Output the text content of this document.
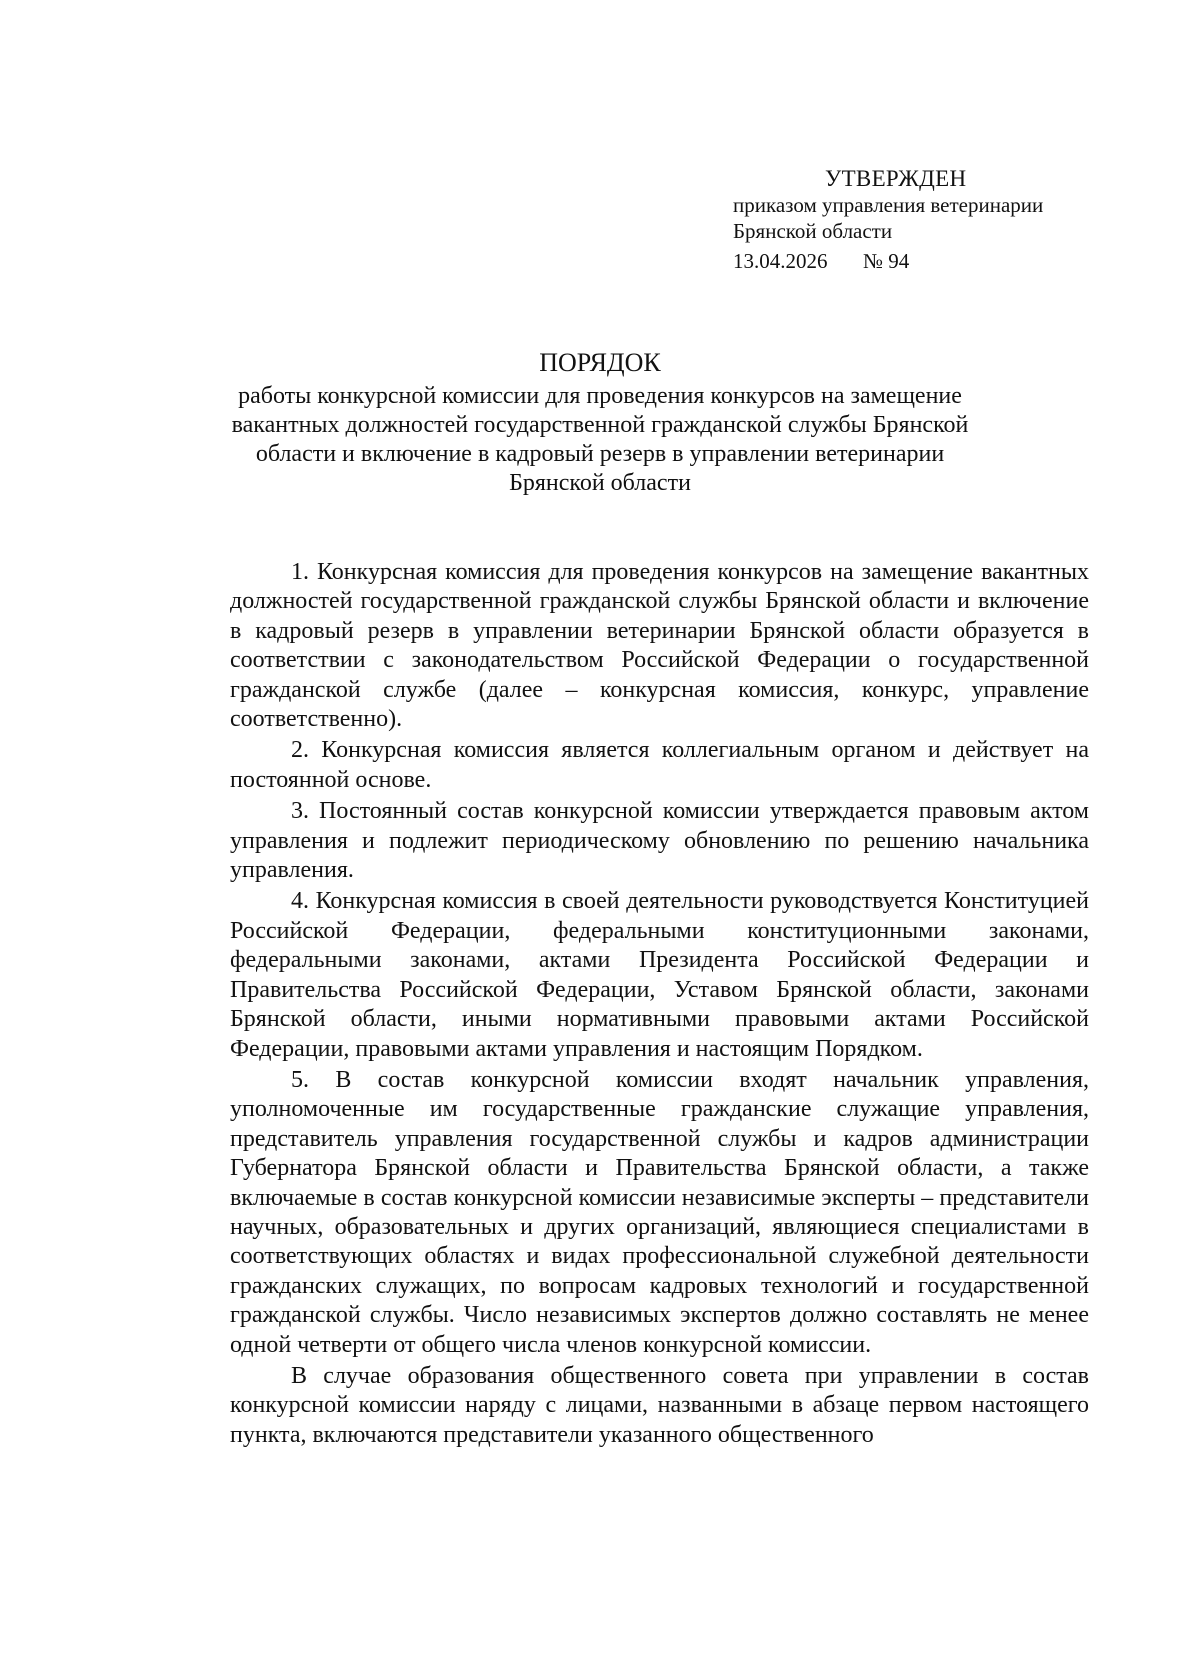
УТВЕРЖДЕН
приказом управления ветеринарии
Брянской области
13.04.2026	№ 94
ПОРЯДОК
работы конкурсной комиссии для проведения конкурсов на замещение вакантных должностей государственной гражданской службы Брянской области и включение в кадровый резерв в управлении ветеринарии Брянской области

1. Конкурсная комиссия для проведения конкурсов на замещение вакантных должностей государственной гражданской службы Брянской области и включение в кадровый резерв в управлении ветеринарии Брянской области образуется в соответствии с законодательством Российской Федерации о государственной гражданской службе (далее – конкурсная комиссия, конкурс, управление соответственно).

2. Конкурсная комиссия является коллегиальным органом и действует на постоянной основе.

3. Постоянный состав конкурсной комиссии утверждается правовым актом управления и подлежит периодическому обновлению по решению начальника управления.

4. Конкурсная комиссия в своей деятельности руководствуется Конституцией Российской Федерации, федеральными конституционными законами, федеральными законами, актами Президента Российской Федерации и Правительства Российской Федерации, Уставом Брянской области, законами Брянской области, иными нормативными правовыми актами Российской Федерации, правовыми актами управления и настоящим Порядком.

5. В состав конкурсной комиссии входят начальник управления, уполномоченные им государственные гражданские служащие управления, представитель управления государственной службы и кадров администрации Губернатора Брянской области и Правительства Брянской области, а также включаемые в состав конкурсной комиссии независимые эксперты – представители научных, образовательных и других организаций, являющиеся специалистами в соответствующих областях и видах профессиональной служебной деятельности гражданских служащих, по вопросам кадровых технологий и государственной гражданской службы. Число независимых экспертов должно составлять не менее одной четверти от общего числа членов конкурсной комиссии.

В случае образования общественного совета при управлении в состав конкурсной комиссии наряду с лицами, названными в абзаце первом настоящего пункта, включаются представители указанного общественного
